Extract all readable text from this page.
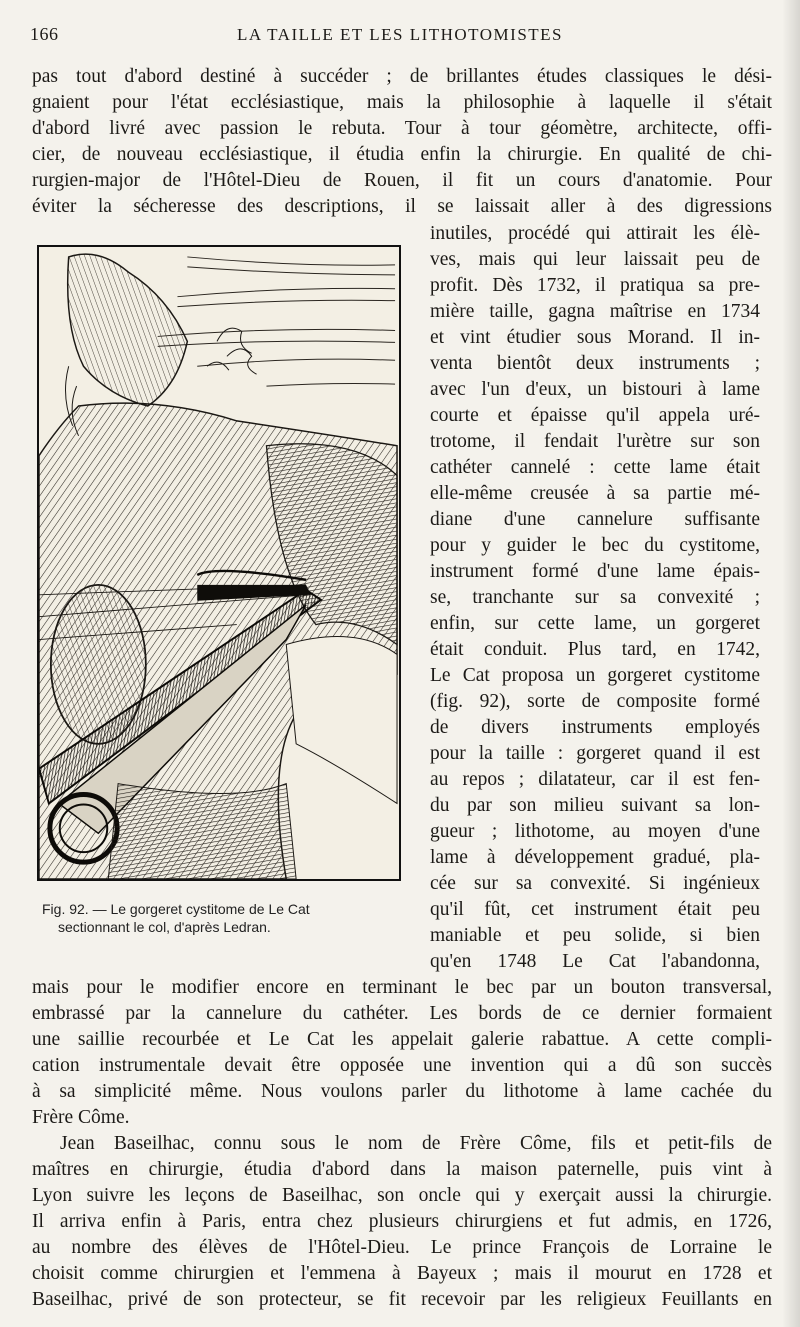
166	LA TAILLE ET LES LITHOTOMISTES
pas tout d'abord destiné à succéder ; de brillantes études classiques le dési-
gnaient pour l'état ecclésiastique, mais la philosophie à laquelle il s'était
d'abord livré avec passion le rebuta. Tour à tour géomètre, architecte, offi-
cier, de nouveau ecclésiastique, il étudia enfin la chirurgie. En qualité de chi-
rurgien-major de l'Hôtel-Dieu de Rouen, il fit un cours d'anatomie. Pour
éviter la sécheresse des descriptions, il se laissait aller à des digressions
Fig. 92. — Le gorgeret cystitome de Le Cat
sectionnant le col, d'après Ledran.
inutiles, procédé qui attirait les élè-
ves, mais qui leur laissait peu de
profit. Dès 1732, il pratiqua sa pre-
mière taille, gagna maîtrise en 1734
et vint étudier sous Morand. Il in-
venta bientôt deux instruments ;
avec l'un d'eux, un bistouri à lame
courte et épaisse qu'il appela uré-
trotome, il fendait l'urètre sur son
cathéter cannelé : cette lame était
elle-même creusée à sa partie mé-
diane d'une cannelure suffisante
pour y guider le bec du cystitome,
instrument formé d'une lame épais-
se, tranchante sur sa convexité ;
enfin, sur cette lame, un gorgeret
était conduit. Plus tard, en 1742,
Le Cat proposa un gorgeret cystitome
(fig. 92), sorte de composite formé
de divers instruments employés
pour la taille : gorgeret quand il est
au repos ; dilatateur, car il est fen-
du par son milieu suivant sa lon-
gueur ; lithotome, au moyen d'une
lame à développement gradué, pla-
cée sur sa convexité. Si ingénieux
qu'il fût, cet instrument était peu
maniable et peu solide, si bien
qu'en 1748 Le Cat l'abandonna,
mais pour le modifier encore en terminant le bec par un bouton transversal,
embrassé par la cannelure du cathéter. Les bords de ce dernier formaient
une saillie recourbée et Le Cat les appelait galerie rabattue. A cette compli-
cation instrumentale devait être opposée une invention qui a dû son succès
à sa simplicité même. Nous voulons parler du lithotome à lame cachée du
Frère Côme.
Jean Baseilhac, connu sous le nom de Frère Côme, fils et petit-fils de
maîtres en chirurgie, étudia d'abord dans la maison paternelle, puis vint à
Lyon suivre les leçons de Baseilhac, son oncle qui y exerçait aussi la chirurgie.
Il arriva enfin à Paris, entra chez plusieurs chirurgiens et fut admis, en 1726,
au nombre des élèves de l'Hôtel-Dieu. Le prince François de Lorraine le
choisit comme chirurgien et l'emmena à Bayeux ; mais il mourut en 1728 et
Baseilhac, privé de son protecteur, se fit recevoir par les religieux Feuillants en
